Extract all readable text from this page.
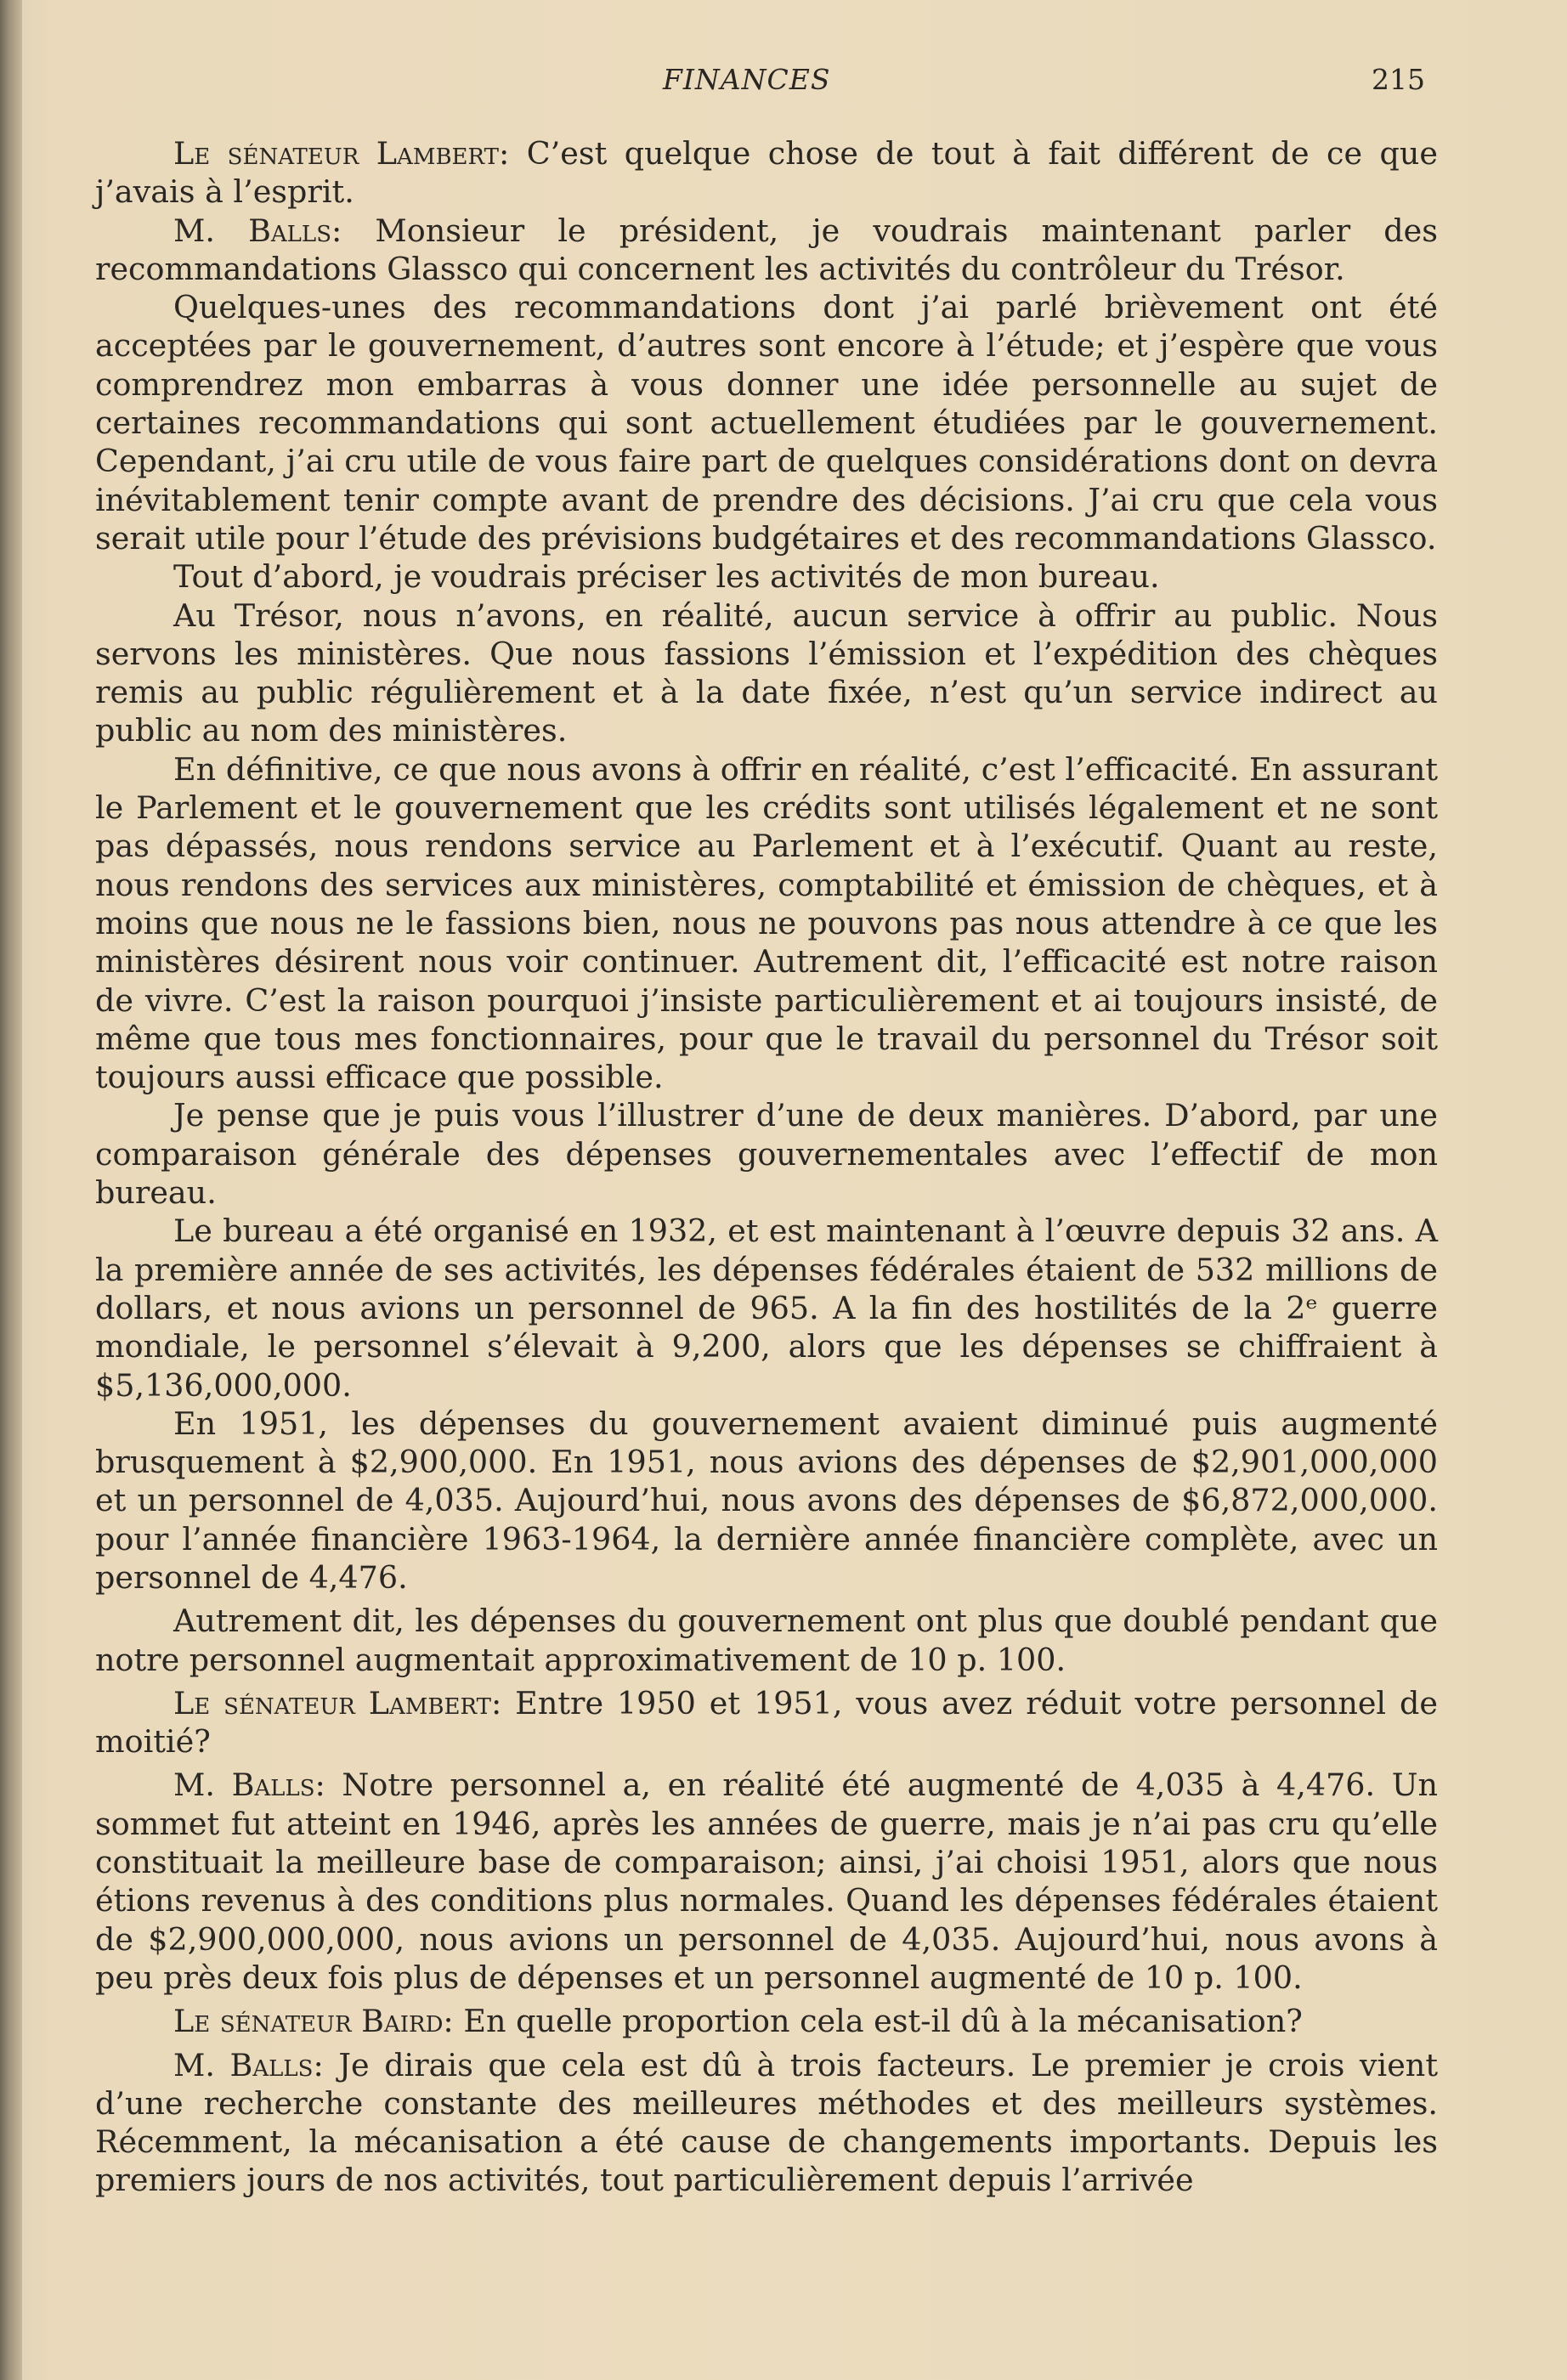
FINANCES	215

Le sénateur Lambert: C’est quelque chose de tout à fait différent de ce que j’avais à l’esprit.

M. Balls: Monsieur le président, je voudrais maintenant parler des recommandations Glassco qui concernent les activités du contrôleur du Trésor.

Quelques-unes des recommandations dont j’ai parlé brièvement ont été acceptées par le gouvernement, d’autres sont encore à l’étude; et j’espère que vous comprendrez mon embarras à vous donner une idée personnelle au sujet de certaines recommandations qui sont actuellement étudiées par le gouvernement. Cependant, j’ai cru utile de vous faire part de quelques considérations dont on devra inévitablement tenir compte avant de prendre des décisions. J’ai cru que cela vous serait utile pour l’étude des prévisions budgétaires et des recommandations Glassco.

Tout d’abord, je voudrais préciser les activités de mon bureau.

Au Trésor, nous n’avons, en réalité, aucun service à offrir au public. Nous servons les ministères. Que nous fassions l’émission et l’expédition des chèques remis au public régulièrement et à la date fixée, n’est qu’un service indirect au public au nom des ministères.

En définitive, ce que nous avons à offrir en réalité, c’est l’efficacité. En assurant le Parlement et le gouvernement que les crédits sont utilisés légalement et ne sont pas dépassés, nous rendons service au Parlement et à l’exécutif. Quant au reste, nous rendons des services aux ministères, comptabilité et émission de chèques, et à moins que nous ne le fassions bien, nous ne pouvons pas nous attendre à ce que les ministères désirent nous voir continuer. Autrement dit, l’efficacité est notre raison de vivre. C’est la raison pourquoi j’insiste particulièrement et ai toujours insisté, de même que tous mes fonctionnaires, pour que le travail du personnel du Trésor soit toujours aussi efficace que possible.

Je pense que je puis vous l’illustrer d’une de deux manières. D’abord, par une comparaison générale des dépenses gouvernementales avec l’effectif de mon bureau.

Le bureau a été organisé en 1932, et est maintenant à l’œuvre depuis 32 ans. A la première année de ses activités, les dépenses fédérales étaient de 532 millions de dollars, et nous avions un personnel de 965. A la fin des hostilités de la 2ᵉ guerre mondiale, le personnel s’élevait à 9,200, alors que les dépenses se chiffraient à $5,136,000,000.

En 1951, les dépenses du gouvernement avaient diminué puis augmenté brusquement à $2,900,000. En 1951, nous avions des dépenses de $2,901,000,000 et un personnel de 4,035. Aujourd’hui, nous avons des dépenses de $6,872,000,000. pour l’année financière 1963-1964, la dernière année financière complète, avec un personnel de 4,476.

Autrement dit, les dépenses du gouvernement ont plus que doublé pendant que notre personnel augmentait approximativement de 10 p. 100.

Le sénateur Lambert: Entre 1950 et 1951, vous avez réduit votre personnel de moitié?

M. Balls: Notre personnel a, en réalité été augmenté de 4,035 à 4,476. Un sommet fut atteint en 1946, après les années de guerre, mais je n’ai pas cru qu’elle constituait la meilleure base de comparaison; ainsi, j’ai choisi 1951, alors que nous étions revenus à des conditions plus normales. Quand les dépenses fédérales étaient de $2,900,000,000, nous avions un personnel de 4,035. Aujourd’hui, nous avons à peu près deux fois plus de dépenses et un personnel augmenté de 10 p. 100.

Le sénateur Baird: En quelle proportion cela est-il dû à la mécanisation?

M. Balls: Je dirais que cela est dû à trois facteurs. Le premier je crois vient d’une recherche constante des meilleures méthodes et des meilleurs systèmes. Récemment, la mécanisation a été cause de changements importants. Depuis les premiers jours de nos activités, tout particulièrement depuis l’arrivée
